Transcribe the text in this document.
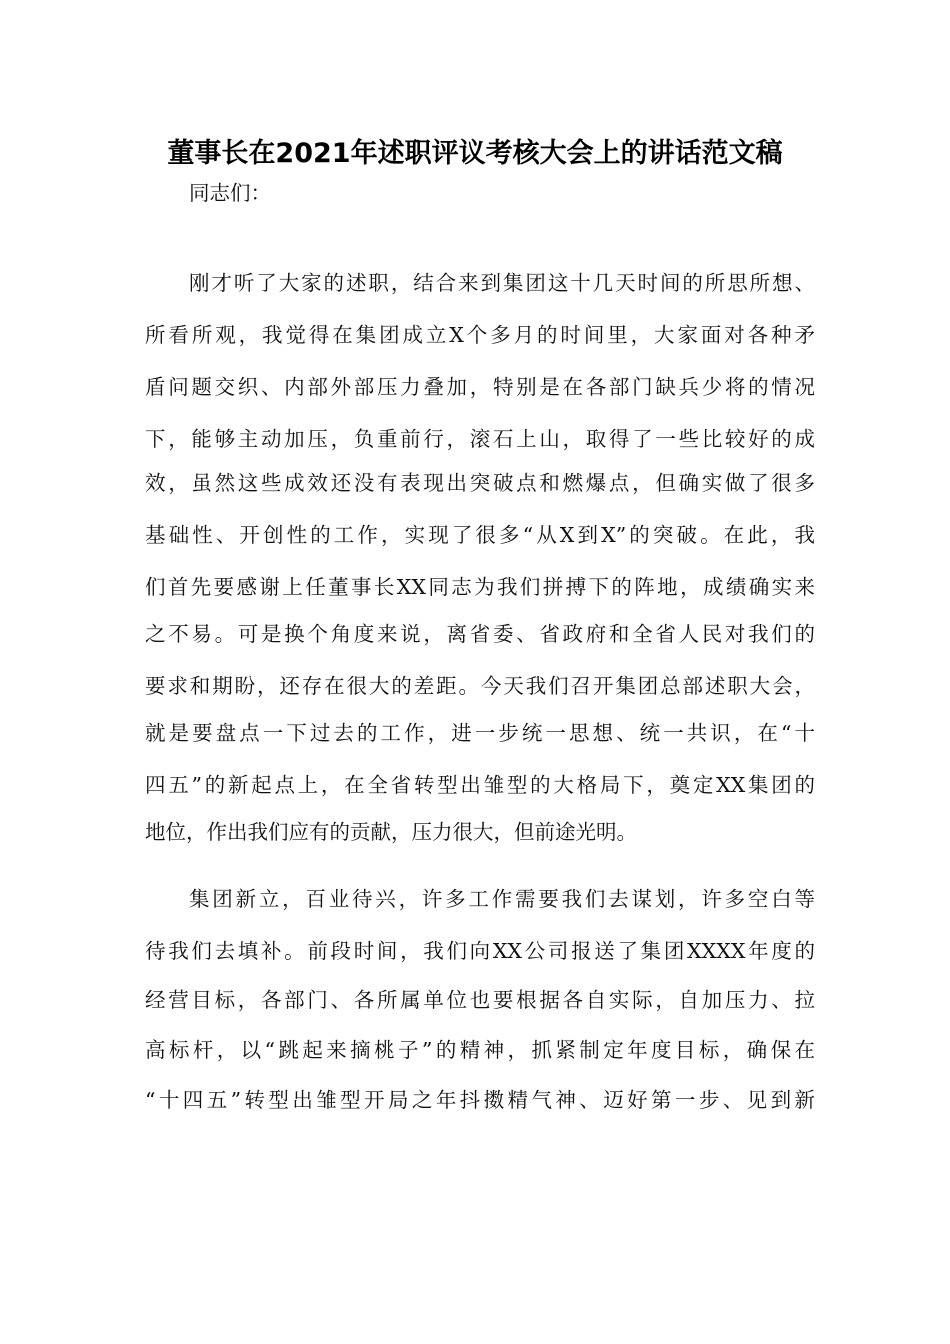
董事长在2021年述职评议考核大会上的讲话范文稿
同志们：
刚才听了大家的述职，结合来到集团这十几天时间的所思所想、
所看所观，我觉得在集团成立X个多月的时间里，大家面对各种矛
盾问题交织、内部外部压力叠加，特别是在各部门缺兵少将的情况
下，能够主动加压，负重前行，滚石上山，取得了一些比较好的成
效，虽然这些成效还没有表现出突破点和燃爆点，但确实做了很多
基础性、开创性的工作，实现了很多“从X到X”的突破。在此，我
们首先要感谢上任董事长XX同志为我们拼搏下的阵地，成绩确实来
之不易。可是换个角度来说，离省委、省政府和全省人民对我们的
要求和期盼，还存在很大的差距。今天我们召开集团总部述职大会，
就是要盘点一下过去的工作，进一步统一思想、统一共识，在“十
四五”的新起点上，在全省转型出雏型的大格局下，奠定XX集团的
地位，作出我们应有的贡献，压力很大，但前途光明。
集团新立，百业待兴，许多工作需要我们去谋划，许多空白等
待我们去填补。前段时间，我们向XX公司报送了集团XXXX年度的
经营目标，各部门、各所属单位也要根据各自实际，自加压力、拉
高标杆，以“跳起来摘桃子”的精神，抓紧制定年度目标，确保在
“十四五”转型出雏型开局之年抖擞精气神、迈好第一步、见到新
